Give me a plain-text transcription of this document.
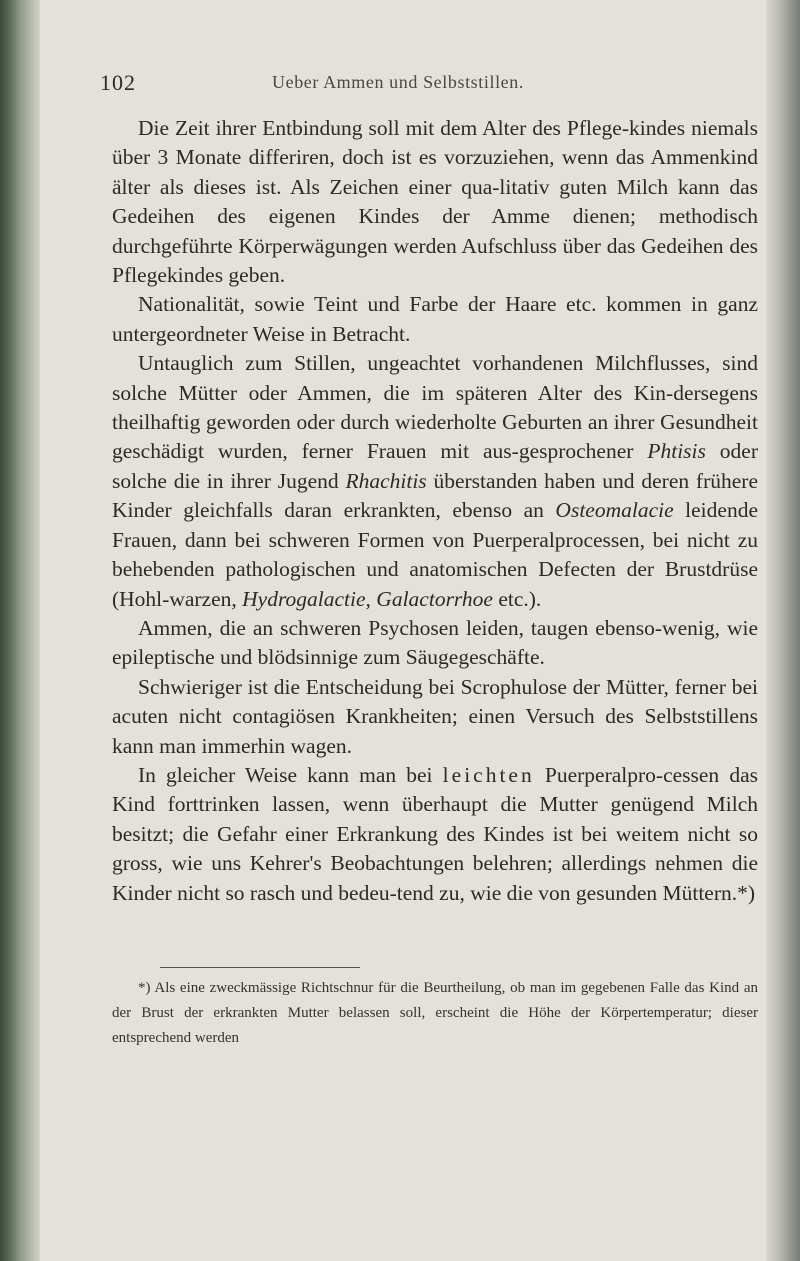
102	Ueber Ammen und Selbststillen.

Die Zeit ihrer Entbindung soll mit dem Alter des Pflege-kindes niemals über 3 Monate differiren, doch ist es vorzuziehen, wenn das Ammenkind älter als dieses ist. Als Zeichen einer qua-litativ guten Milch kann das Gedeihen des eigenen Kindes der Amme dienen; methodisch durchgeführte Körperwägungen werden Aufschluss über das Gedeihen des Pflegekindes geben.

Nationalität, sowie Teint und Farbe der Haare etc. kommen in ganz untergeordneter Weise in Betracht.

Untauglich zum Stillen, ungeachtet vorhandenen Milchflusses, sind solche Mütter oder Ammen, die im späteren Alter des Kin-dersegens theilhaftig geworden oder durch wiederholte Geburten an ihrer Gesundheit geschädigt wurden, ferner Frauen mit aus-gesprochener Phtisis oder solche die in ihrer Jugend Rhachitis überstanden haben und deren frühere Kinder gleichfalls daran erkrankten, ebenso an Osteomalacie leidende Frauen, dann bei schweren Formen von Puerperalprocessen, bei nicht zu behebenden pathologischen und anatomischen Defecten der Brustdrüse (Hohl-warzen, Hydrogalactie, Galactorrhoe etc.).

Ammen, die an schweren Psychosen leiden, taugen ebenso-wenig, wie epileptische und blödsinnige zum Säugegeschäfte.

Schwieriger ist die Entscheidung bei Scrophulose der Mütter, ferner bei acuten nicht contagiösen Krankheiten; einen Versuch des Selbststillens kann man immerhin wagen.

In gleicher Weise kann man bei leichten Puerperalpro-cessen das Kind forttrinken lassen, wenn überhaupt die Mutter genügend Milch besitzt; die Gefahr einer Erkrankung des Kindes ist bei weitem nicht so gross, wie uns Kehrer's Beobachtungen belehren; allerdings nehmen die Kinder nicht so rasch und bedeu-tend zu, wie die von gesunden Müttern.*)

*) Als eine zweckmässige Richtschnur für die Beurtheilung, ob man im gegebenen Falle das Kind an der Brust der erkrankten Mutter belassen soll, erscheint die Höhe der Körpertemperatur; dieser entsprechend werden
